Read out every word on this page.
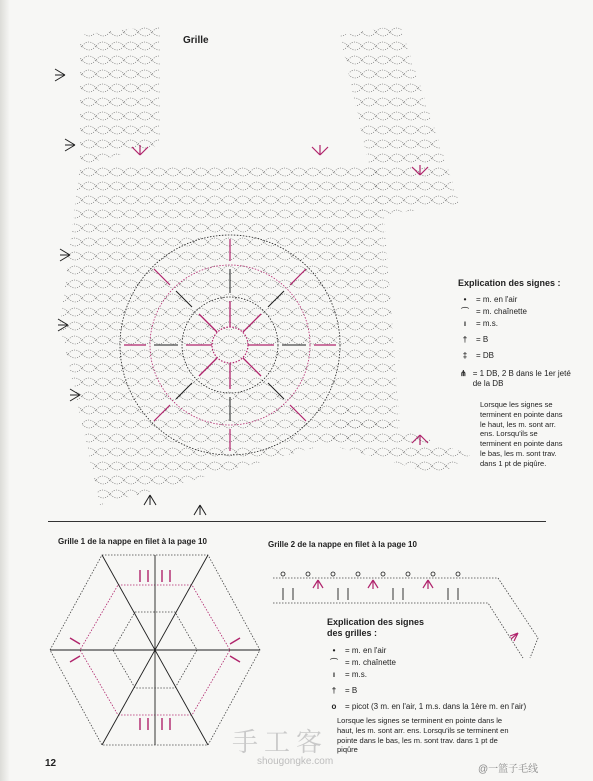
Grille
Explication des signes :
•	= m. en l'air
⌒ = m. chaînette
ı	= m.s.
†	= B
‡	= DB
⋔ = 1 DB, 2 B dans le 1er jeté de la DB
Lorsque les signes se terminent en pointe dans le haut, les m. sont arr. ens. Lorsqu'ils se terminent en pointe dans le bas, les m. sont trav. dans 1 pt de piqûre.
Grille 1 de la nappe en filet à la page 10	Grille 2 de la nappe en filet à la page 10
Explication des signes des grilles :
•	= m. en l'air
⌒ = m. chaînette
ı	= m.s.
†	= B
o	= picot (3 m. en l'air, 1 m.s. dans la 1ère m. en l'air)
Lorsque les signes se terminent en pointe dans le haut, les m. sont arr. ens. Lorsqu'ils se terminent en pointe dans le bas, les m. sont trav. dans 1 pt de piqûre
手工客
shougongke.com
@一篮子毛线
12
